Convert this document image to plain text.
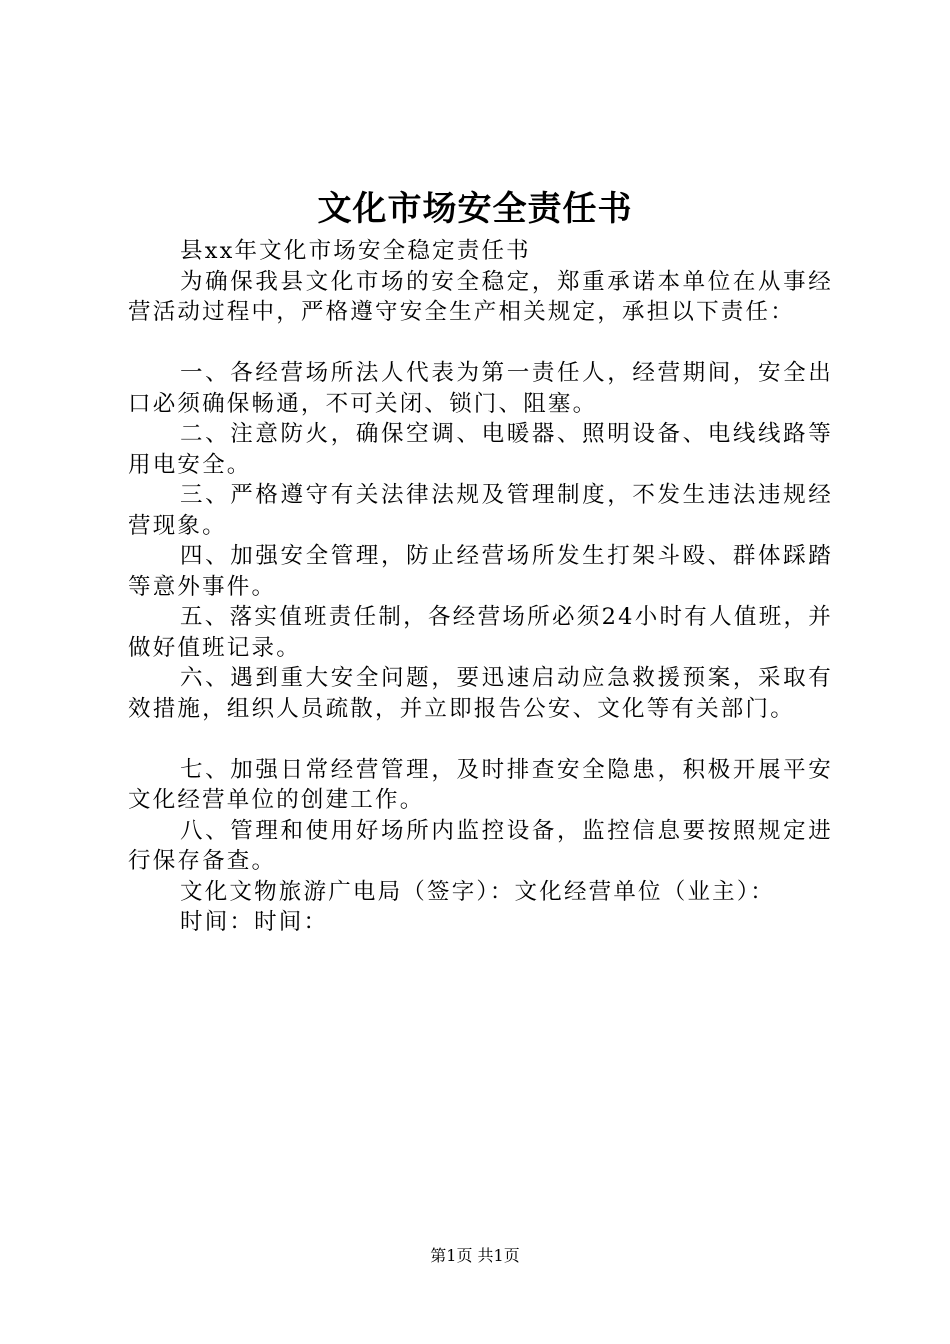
文化市场安全责任书

县xx年文化市场安全稳定责任书

为确保我县文化市场的安全稳定，郑重承诺本单位在从事经营活动过程中，严格遵守安全生产相关规定，承担以下责任：

一、各经营场所法人代表为第一责任人，经营期间，安全出口必须确保畅通，不可关闭、锁门、阻塞。

二、注意防火，确保空调、电暖器、照明设备、电线线路等用电安全。

三、严格遵守有关法律法规及管理制度，不发生违法违规经营现象。

四、加强安全管理，防止经营场所发生打架斗殴、群体踩踏等意外事件。

五、落实值班责任制，各经营场所必须24小时有人值班，并做好值班记录。

六、遇到重大安全问题，要迅速启动应急救援预案，采取有效措施，组织人员疏散，并立即报告公安、文化等有关部门。

七、加强日常经营管理，及时排查安全隐患，积极开展平安文化经营单位的创建工作。

八、管理和使用好场所内监控设备，监控信息要按照规定进行保存备查。

文化文物旅游广电局（签字）：文化经营单位（业主）：

时间：时间：

第1页 共1页
